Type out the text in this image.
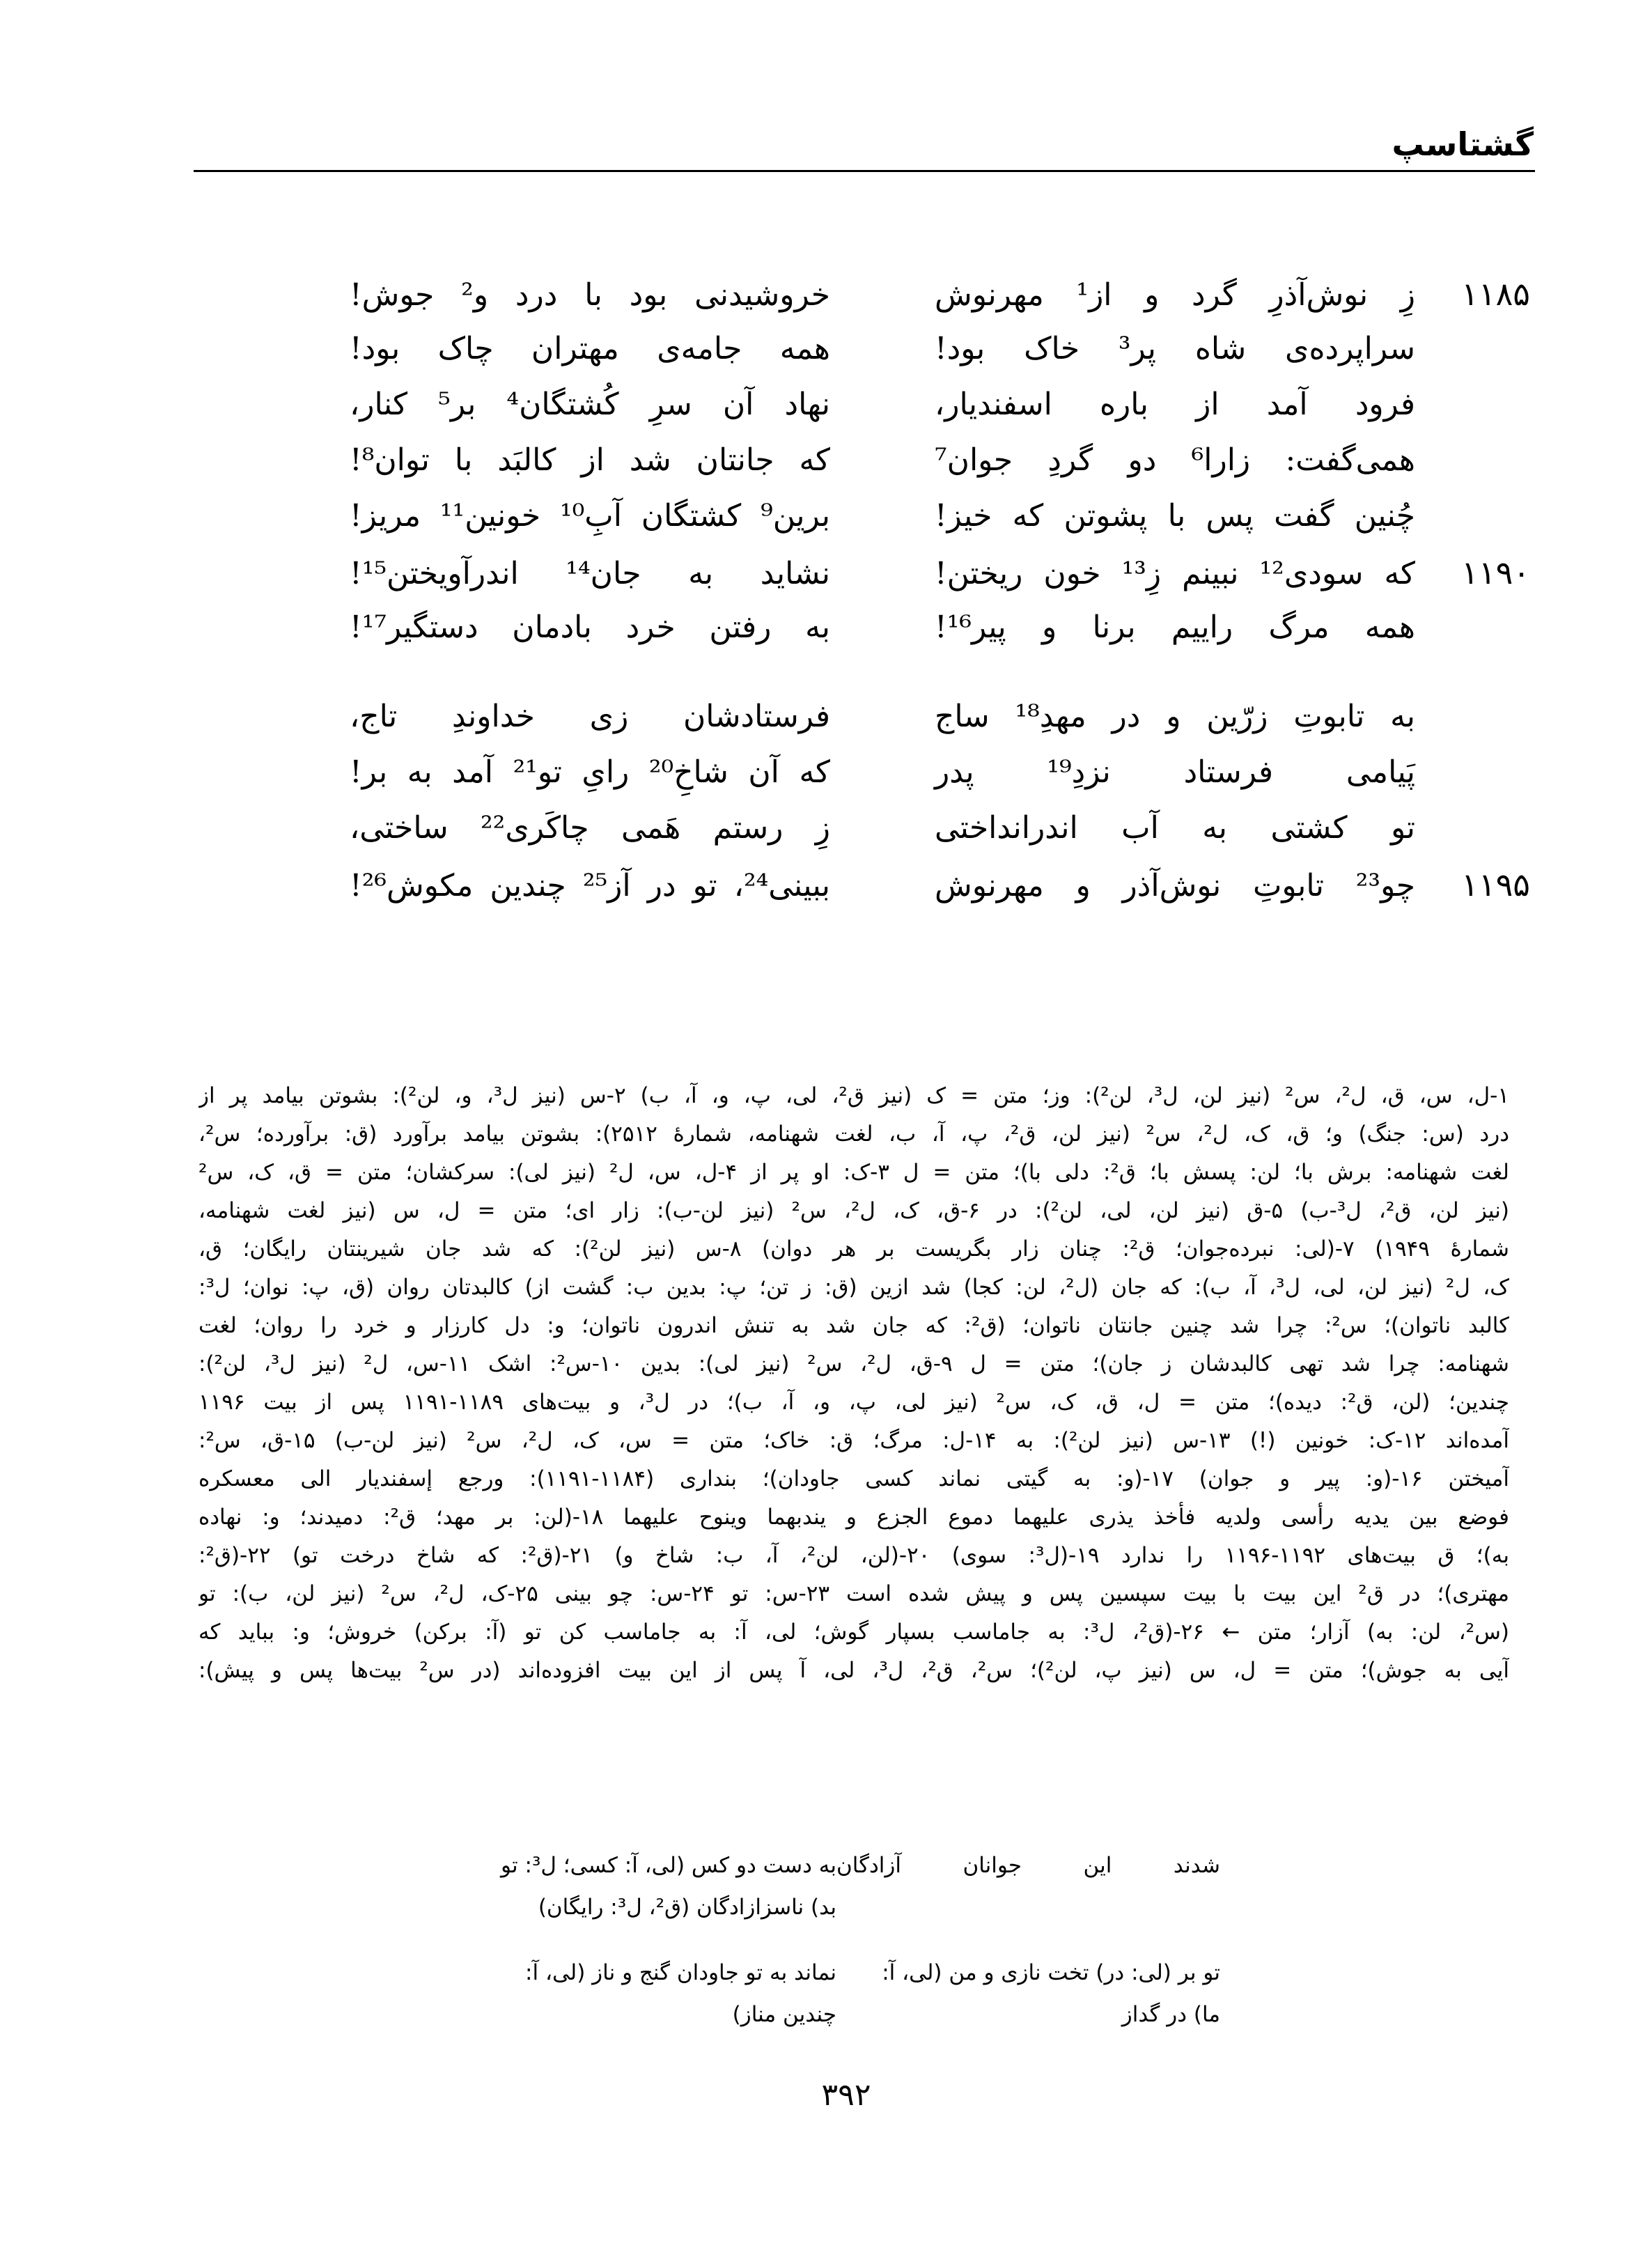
گشتاسپ
۱۱۸۵
زِ نوش‌آذرِ گرد و از¹ مهرنوش
خروشیدنی بود با درد و² جوش!
سراپرده‌ی شاه پر³ خاک بود!
همه جامه‌ی مهتران چاک بود!
فرود آمد از باره اسفندیار،
نهاد آن سرِ کُشتگان⁴ بر⁵ کنار،
همی‌گفت: زارا⁶ دو گردِ جوان⁷
که جانتان شد از کالبَد با توان⁸!
چُنین گفت پس با پشوتن که خیز!
برین⁹ کشتگان آبِ¹⁰ خونین¹¹ مریز!
۱۱۹۰
که سودی¹² نبینم زِ¹³ خون ریختن!
نشاید به جان¹⁴ اندرآویختن¹⁵!
همه مرگ راییم برنا و پیر¹⁶!
به رفتن خرد بادمان دستگیر¹⁷!
به تابوتِ زرّین و در مهدِ¹⁸ ساج
فرستادشان زی خداوندِ تاج،
پَیامی فرستاد نزدِ¹⁹ پدر
که آن شاخِ²⁰ رایِ تو²¹ آمد به بر!
تو کشتی به آب اندرانداختی
زِ رستم هَمی چاکَری²² ساختی،
۱۱۹۵
چو²³ تابوتِ نوش‌آذر و مهرنوش
ببینی²⁴، تو در آز²⁵ چندین مکوش²⁶!
۱-ل، س، ق، ل²، س² (نیز لن، ل³، لن²): وز؛ متن = ک (نیز ق²، لی، پ، و، آ، ب) ۲-س (نیز ل³، و، لن²): بشوتن بیامد پر از
درد (س: جنگ) و؛ ق، ک، ل²، س² (نیز لن، ق²، پ، آ، ب، لغت شهنامه، شمارۀ ۲۵۱۲): بشوتن بیامد برآورد (ق: برآورده؛ س²،
لغت شهنامه: برش با؛ لن: پسش با؛ ق²: دلی با)؛ متن = ل ۳-ک: او پر از ۴-ل، س، ل² (نیز لی): سرکشان؛ متن = ق، ک، س²
(نیز لن، ق²، ل³-ب) ۵-ق (نیز لن، لی، لن²): در ۶-ق، ک، ل²، س² (نیز لن-ب): زار ای؛ متن = ل، س (نیز لغت شهنامه،
شمارۀ ۱۹۴۹) ۷-(لی: نبرده‌جوان؛ ق²: چنان زار بگریست بر هر دوان) ۸-س (نیز لن²): که شد جان شیرینتان رایگان؛ ق،
ک، ل² (نیز لن، لی، ل³، آ، ب): که جان (ل²، لن: کجا) شد ازین (ق: ز تن؛ پ: بدین ب: گشت از) کالبدتان روان (ق، پ: نوان؛ ل³:
کالبد ناتوان)؛ س²: چرا شد چنین جانتان ناتوان؛ (ق²: که جان شد به تنش اندرون ناتوان؛ و: دل کارزار و خرد را روان؛ لغت
شهنامه: چرا شد تهی کالبدشان ز جان)؛ متن = ل ۹-ق، ل²، س² (نیز لی): بدین ۱۰-س²: اشک ۱۱-س، ل² (نیز ل³، لن²):
چندین؛ (لن، ق²: دیده)؛ متن = ل، ق، ک، س² (نیز لی، پ، و، آ، ب)؛ در ل³، و بیت‌های ۱۱۸۹-۱۱۹۱ پس از بیت ۱۱۹۶
آمده‌اند ۱۲-ک: خونین (!) ۱۳-س (نیز لن²): به ۱۴-ل: مرگ؛ ق: خاک؛ متن = س، ک، ل²، س² (نیز لن-ب) ۱۵-ق، س²:
آمیختن ۱۶-(و: پیر و جوان) ۱۷-(و: به گیتی نماند کسی جاودان)؛ بنداری (۱۱۸۴-۱۱۹۱): ورجع إسفندیار الی معسکره
فوضع بین یدیه رأسی ولدیه فأخذ یذری علیهما دموع الجزع و یندبهما وینوح علیهما ۱۸-(لن: بر مهد؛ ق²: دمیدند؛ و: نهاده
به)؛ ق بیت‌های ۱۱۹۲-۱۱۹۶ را ندارد ۱۹-(ل³: سوی) ۲۰-(لن، لن²، آ، ب: شاخ و) ۲۱-(ق²: که شاخ درخت تو) ۲۲-(ق²:
مهتری)؛ در ق² این بیت با بیت سپسین پس و پیش شده است ۲۳-س: تو ۲۴-س: چو بینی ۲۵-ک، ل²، س² (نیز لن، ب): تو
(س²، لن: به) آزار؛ متن ← ۲۶-(ق²، ل³: به جاماسب بسپار گوش؛ لی، آ: به جاماسب کن تو (آ: برکن) خروش؛ و: بباید که
آیی به جوش)؛ متن = ل، س (نیز پ، لن²)؛ س²، ق²، ل³، لی، آ پس از این بیت افزوده‌اند (در س² بیت‌ها پس و پیش):
شدند این جوانان آزادگان
به دست دو کس (لی، آ: کسی؛ ل³: تو
بد) ناسزازادگان (ق²، ل³: رایگان)
تو بر (لی: در) تخت نازی و من (لی، آ:
نماند به تو جاودان گنج و ناز (لی، آ:
ما) در گداز
چندین مناز)
۳۹۲
